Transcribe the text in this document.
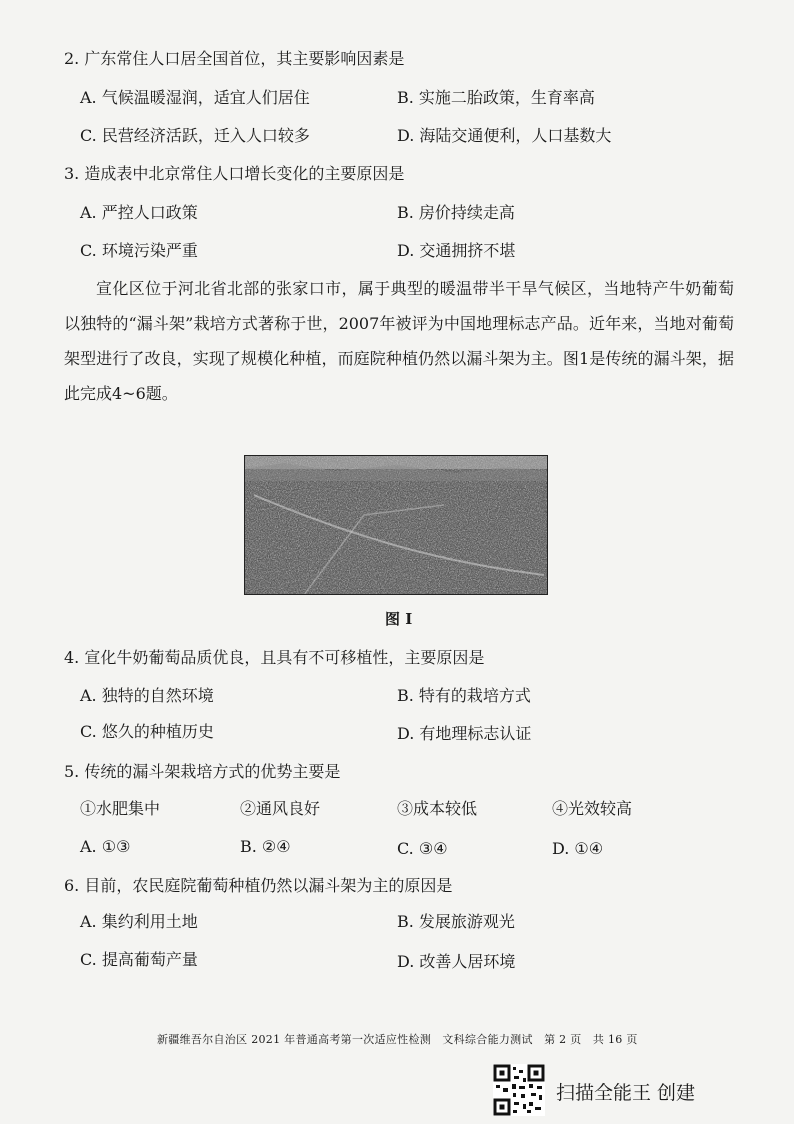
2. 广东常住人口居全国首位，其主要影响因素是
A. 气候温暖湿润，适宜人们居住	B. 实施二胎政策，生育率高
C. 民营经济活跃，迁入人口较多	D. 海陆交通便利，人口基数大
3. 造成表中北京常住人口增长变化的主要原因是
A. 严控人口政策	B. 房价持续走高
C. 环境污染严重	D. 交通拥挤不堪

宣化区位于河北省北部的张家口市，属于典型的暖温带半干旱气候区，当地特产牛奶葡萄以独特的“漏斗架”栽培方式著称于世，2007年被评为中国地理标志产品。近年来，当地对葡萄架型进行了改良，实现了规模化种植，而庭院种植仍然以漏斗架为主。图1是传统的漏斗架，据此完成4~6题。

图 I
4. 宣化牛奶葡萄品质优良，且具有不可移植性，主要原因是
A. 独特的自然环境	B. 特有的栽培方式
C. 悠久的种植历史	D. 有地理标志认证
5. 传统的漏斗架栽培方式的优势主要是
①水肥集中	②通风良好	③成本较低	④光效较高
A. ①③	B. ②④	C. ③④	D. ①④
6. 目前，农民庭院葡萄种植仍然以漏斗架为主的原因是
A. 集约利用土地	B. 发展旅游观光
C. 提高葡萄产量	D. 改善人居环境
新疆维吾尔自治区 2021 年普通高考第一次适应性检测　文科综合能力测试　第 2 页　共 16 页
扫描全能王 创建
